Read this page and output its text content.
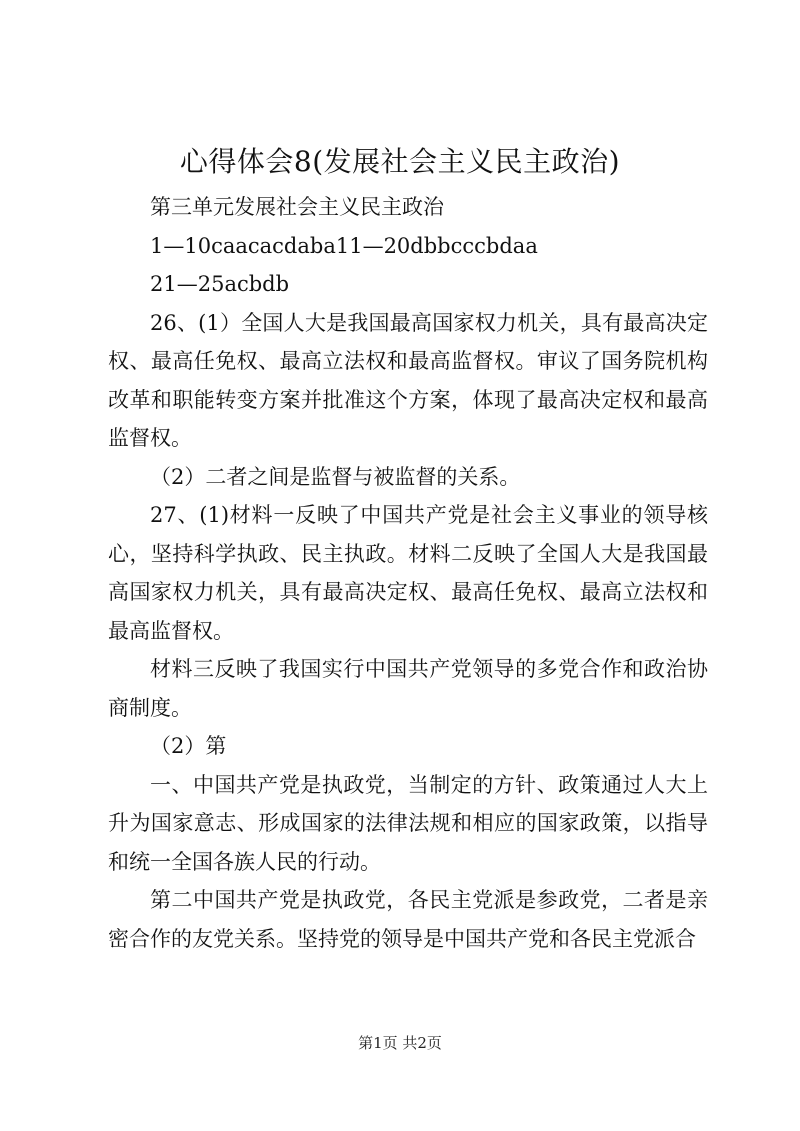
心得体会8(发展社会主义民主政治)

第三单元发展社会主义民主政治

1—10caacacdaba11—20dbbcccbdaa

21—25acbdb

26、(1）全国人大是我国最高国家权力机关，具有最高决定权、最高任免权、最高立法权和最高监督权。审议了国务院机构改革和职能转变方案并批准这个方案，体现了最高决定权和最高监督权。

（2）二者之间是监督与被监督的关系。

27、(1)材料一反映了中国共产党是社会主义事业的领导核心，坚持科学执政、民主执政。材料二反映了全国人大是我国最高国家权力机关，具有最高决定权、最高任免权、最高立法权和最高监督权。

材料三反映了我国实行中国共产党领导的多党合作和政治协商制度。

（2）第

一、中国共产党是执政党，当制定的方针、政策通过人大上升为国家意志、形成国家的法律法规和相应的国家政策，以指导和统一全国各族人民的行动。

第二中国共产党是执政党，各民主党派是参政党，二者是亲密合作的友党关系。坚持党的领导是中国共产党和各民主党派合

第1页 共2页
